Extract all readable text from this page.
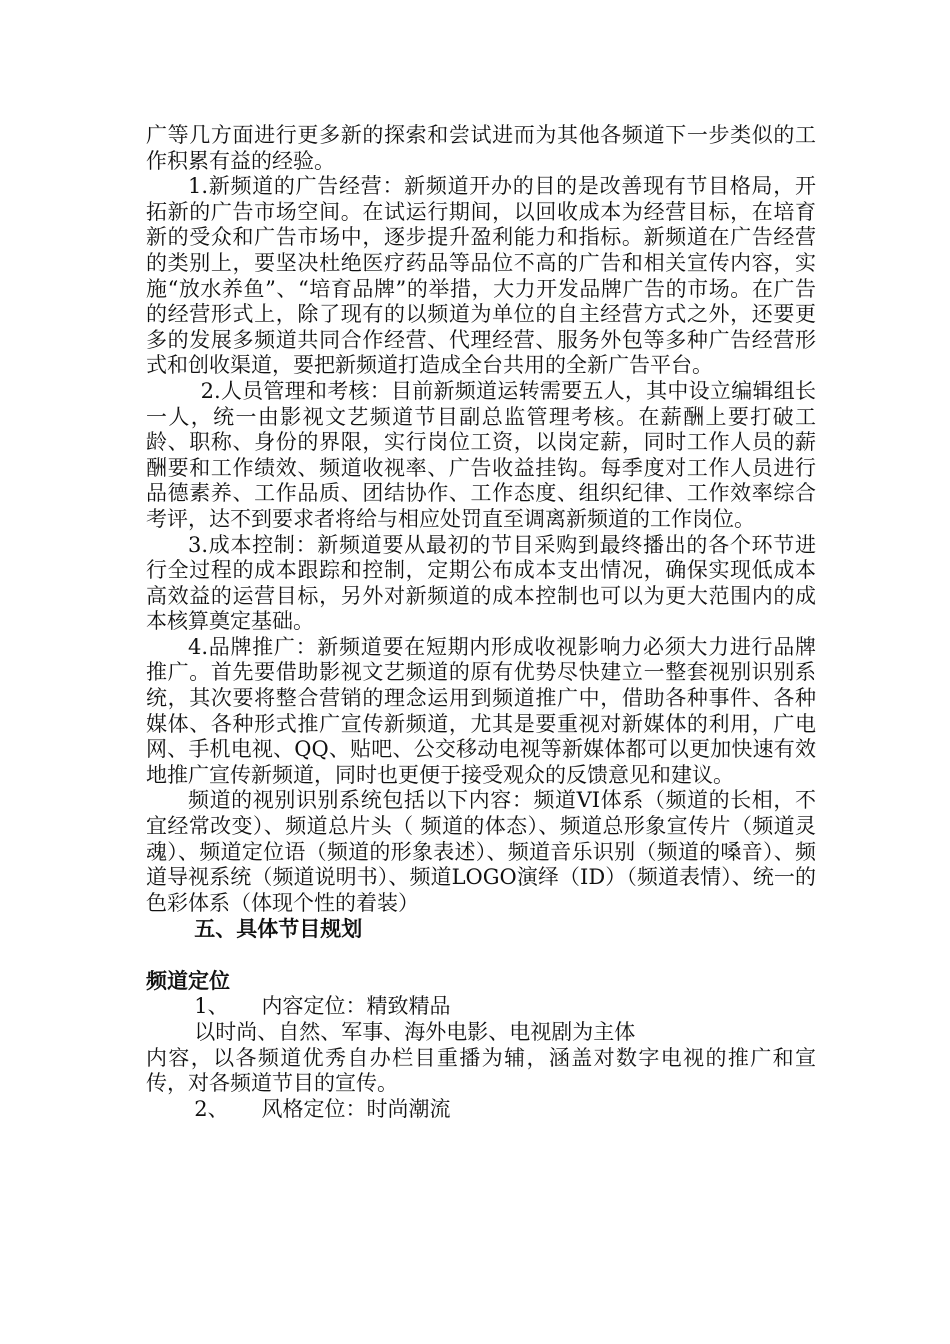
广等几方面进行更多新的探索和尝试进而为其他各频道下一步类似的工作积累有益的经验。

1.新频道的广告经营：新频道开办的目的是改善现有节目格局，开拓新的广告市场空间。在试运行期间，以回收成本为经营目标，在培育新的受众和广告市场中，逐步提升盈利能力和指标。新频道在广告经营的类别上，要坚决杜绝医疗药品等品位不高的广告和相关宣传内容，实施“放水养鱼”、“培育品牌”的举措，大力开发品牌广告的市场。在广告的经营形式上，除了现有的以频道为单位的自主经营方式之外，还要更多的发展多频道共同合作经营、代理经营、服务外包等多种广告经营形式和创收渠道，要把新频道打造成全台共用的全新广告平台。

2.人员管理和考核：目前新频道运转需要五人，其中设立编辑组长一人，统一由影视文艺频道节目副总监管理考核。在薪酬上要打破工龄、职称、身份的界限，实行岗位工资，以岗定薪，同时工作人员的薪酬要和工作绩效、频道收视率、广告收益挂钩。每季度对工作人员进行品德素养、工作品质、团结协作、工作态度、组织纪律、工作效率综合考评，达不到要求者将给与相应处罚直至调离新频道的工作岗位。

3.成本控制：新频道要从最初的节目采购到最终播出的各个环节进行全过程的成本跟踪和控制，定期公布成本支出情况，确保实现低成本高效益的运营目标，另外对新频道的成本控制也可以为更大范围内的成本核算奠定基础。

4.品牌推广：新频道要在短期内形成收视影响力必须大力进行品牌推广。首先要借助影视文艺频道的原有优势尽快建立一整套视别识别系统，其次要将整合营销的理念运用到频道推广中，借助各种事件、各种媒体、各种形式推广宣传新频道，尤其是要重视对新媒体的利用，广电网、手机电视、QQ、贴吧、公交移动电视等新媒体都可以更加快速有效地推广宣传新频道，同时也更便于接受观众的反馈意见和建议。

频道的视别识别系统包括以下内容：频道VI体系（频道的长相，不宜经常改变）、频道总片头（ 频道的体态）、频道总形象宣传片（频道灵魂）、频道定位语（频道的形象表述）、频道音乐识别（频道的嗓音）、频道导视系统（频道说明书）、频道LOGO演绎（ID）（频道表情）、统一的色彩体系（体现个性的着装）

五、具体节目规划
频道定位

1、 内容定位：精致精品

以时尚、自然、军事、海外电影、电视剧为主体

内容，以各频道优秀自办栏目重播为辅，涵盖对数字电视的推广和宣传，对各频道节目的宣传。

2、 风格定位：时尚潮流
